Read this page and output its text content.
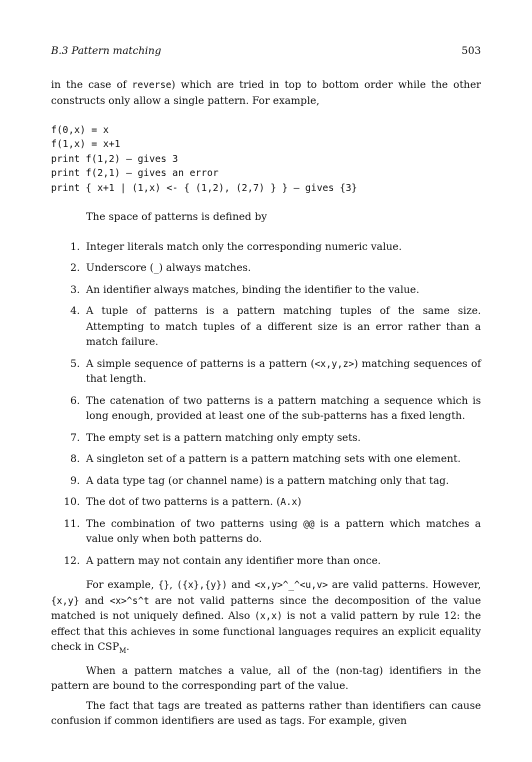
B.3 Pattern matching	503

in the case of reverse) which are tried in top to bottom order while the other constructs only allow a single pattern. For example,

f(0,x) = x
f(1,x) = x+1
print f(1,2) — gives 3
print f(2,1) — gives an error
print { x+1 | (1,x) <- { (1,2), (2,7) } } — gives {3}

The space of patterns is defined by

1. Integer literals match only the corresponding numeric value.
2. Underscore (_) always matches.
3. An identifier always matches, binding the identifier to the value.
4. A tuple of patterns is a pattern matching tuples of the same size. Attempting to match tuples of a different size is an error rather than a match failure.
5. A simple sequence of patterns is a pattern (<x,y,z>) matching sequences of that length.
6. The catenation of two patterns is a pattern matching a sequence which is long enough, provided at least one of the sub-patterns has a fixed length.
7. The empty set is a pattern matching only empty sets.
8. A singleton set of a pattern is a pattern matching sets with one element.
9. A data type tag (or channel name) is a pattern matching only that tag.
10. The dot of two patterns is a pattern. (A.x)
11. The combination of two patterns using @@ is a pattern which matches a value only when both patterns do.
12. A pattern may not contain any identifier more than once.

For example, {}, ({x},{y}) and <x,y>^_^<u,v> are valid patterns. However, {x,y} and <x>^s^t are not valid patterns since the decomposition of the value matched is not uniquely defined. Also (x,x) is not a valid pattern by rule 12: the effect that this achieves in some functional languages requires an explicit equality check in $CSP_M$.

When a pattern matches a value, all of the (non-tag) identifiers in the pattern are bound to the corresponding part of the value.

The fact that tags are treated as patterns rather than identifiers can cause confusion if common identifiers are used as tags. For example, given
